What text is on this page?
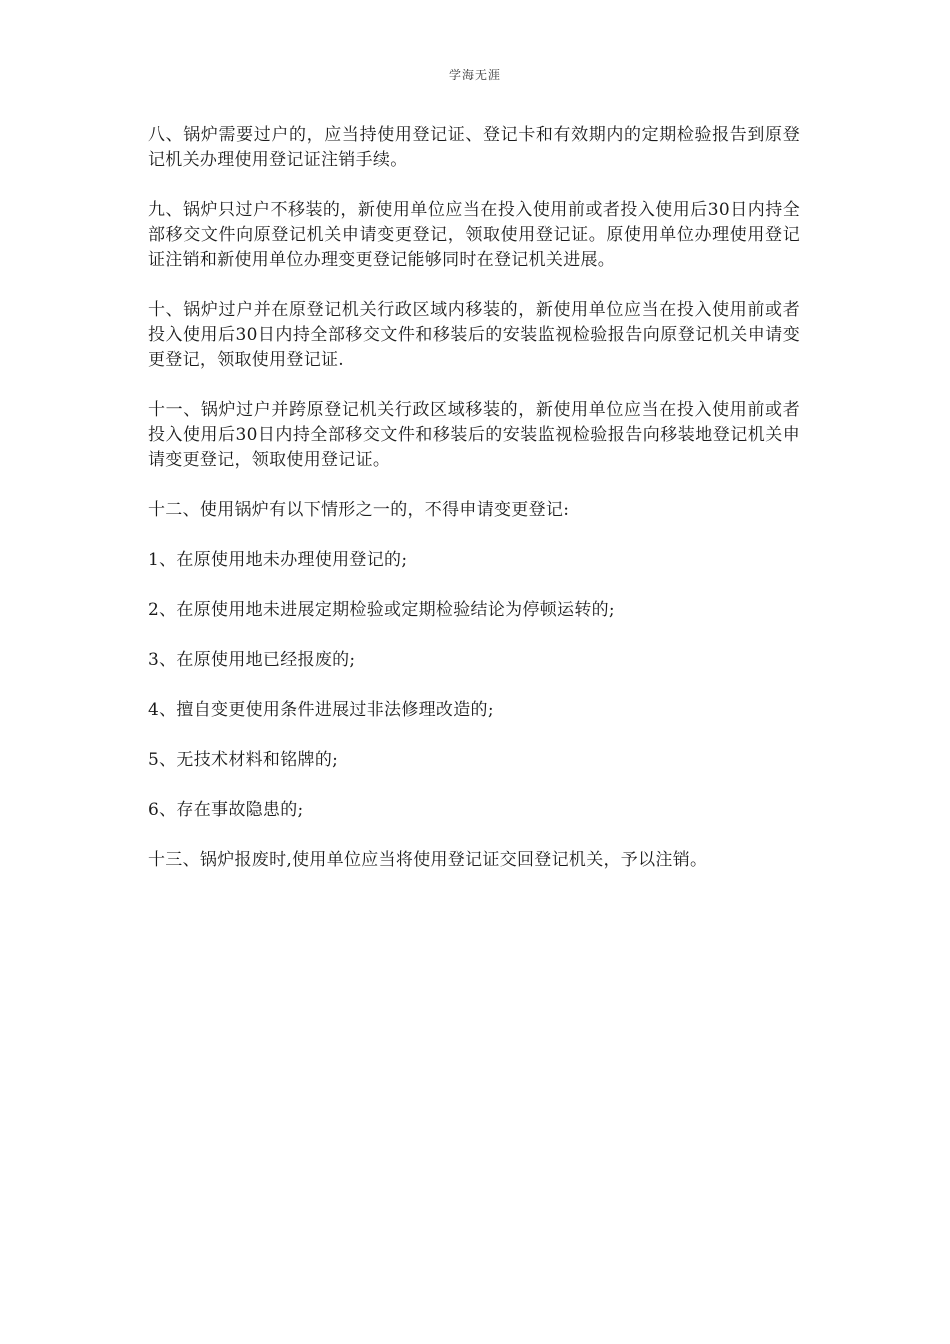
学海无涯

八、锅炉需要过户的，应当持使用登记证、登记卡和有效期内的定期检验报告到原登记机关办理使用登记证注销手续。

九、锅炉只过户不移装的，新使用单位应当在投入使用前或者投入使用后30日内持全部移交文件向原登记机关申请变更登记，领取使用登记证。原使用单位办理使用登记证注销和新使用单位办理变更登记能够同时在登记机关进展。

十、锅炉过户并在原登记机关行政区域内移装的，新使用单位应当在投入使用前或者投入使用后30日内持全部移交文件和移装后的安装监视检验报告向原登记机关申请变更登记，领取使用登记证.

十一、锅炉过户并跨原登记机关行政区域移装的，新使用单位应当在投入使用前或者投入使用后30日内持全部移交文件和移装后的安装监视检验报告向移装地登记机关申请变更登记，领取使用登记证。

十二、使用锅炉有以下情形之一的，不得申请变更登记:

1、在原使用地未办理使用登记的;

2、在原使用地未进展定期检验或定期检验结论为停顿运转的;

3、在原使用地已经报废的;

4、擅自变更使用条件进展过非法修理改造的;

5、无技术材料和铭牌的;

6、存在事故隐患的;

十三、锅炉报废时,使用单位应当将使用登记证交回登记机关，予以注销。
